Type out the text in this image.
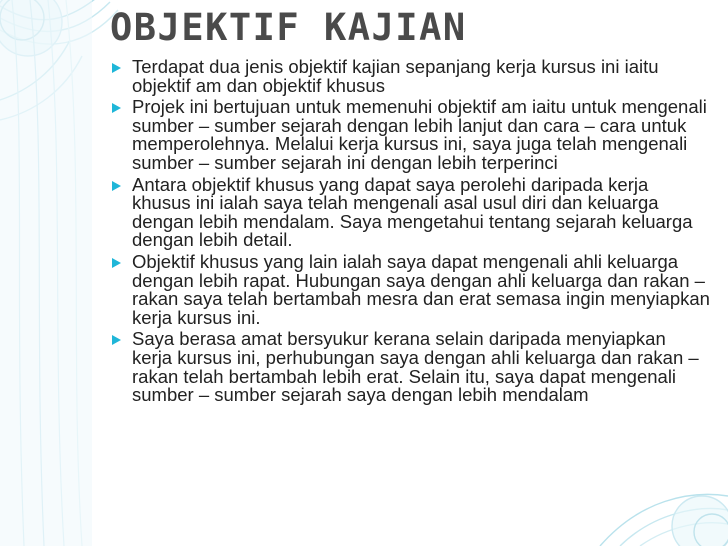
OBJEKTIF KAJIAN
Terdapat dua jenis objektif kajian sepanjang kerja kursus ini iaitu objektif am dan objektif khusus
Projek ini bertujuan untuk memenuhi objektif am iaitu untuk mengenali sumber – sumber sejarah dengan lebih lanjut dan cara – cara untuk memperolehnya. Melalui kerja kursus ini, saya juga telah mengenali sumber – sumber sejarah ini dengan lebih terperinci
Antara objektif khusus yang dapat saya perolehi daripada kerja khusus ini ialah saya telah mengenali asal usul diri dan keluarga dengan lebih mendalam. Saya mengetahui tentang sejarah keluarga dengan lebih detail.
Objektif khusus yang lain ialah saya dapat mengenali ahli keluarga dengan lebih rapat. Hubungan saya dengan ahli keluarga dan rakan – rakan saya telah bertambah mesra dan erat semasa ingin menyiapkan kerja kursus ini.
Saya berasa amat bersyukur kerana selain daripada menyiapkan kerja kursus ini, perhubungan saya dengan ahli keluarga dan rakan – rakan telah bertambah lebih erat. Selain itu, saya dapat mengenali sumber – sumber sejarah saya dengan lebih mendalam
